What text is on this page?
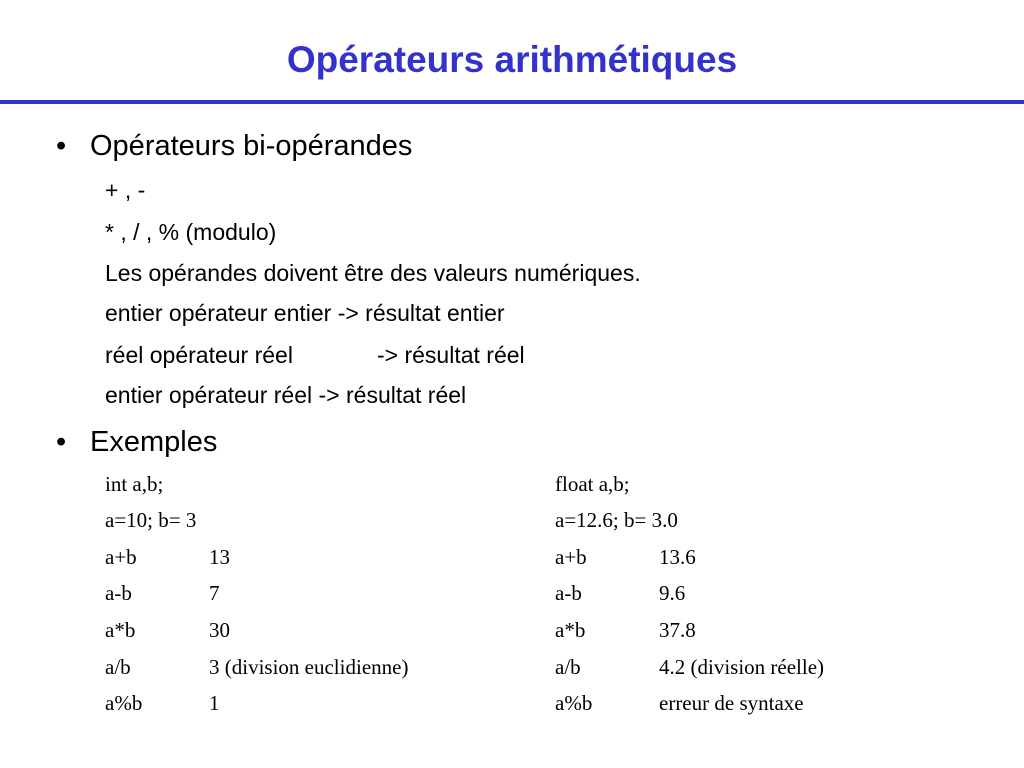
Opérateurs arithmétiques
• Opérateurs bi-opérandes
+ , -
* , / , % (modulo)
Les opérandes doivent être des valeurs numériques.
entier opérateur entier -> résultat entier
réel opérateur réel	-> résultat réel
entier opérateur réel -> résultat réel
• Exemples
int a,b;
a=10; b= 3
a+b	13
a-b	7
a*b	30
a/b	3 (division euclidienne)
a%b	1
float a,b;
a=12.6; b= 3.0
a+b	13.6
a-b	9.6
a*b	37.8
a/b	4.2 (division réelle)
a%b	erreur de syntaxe
